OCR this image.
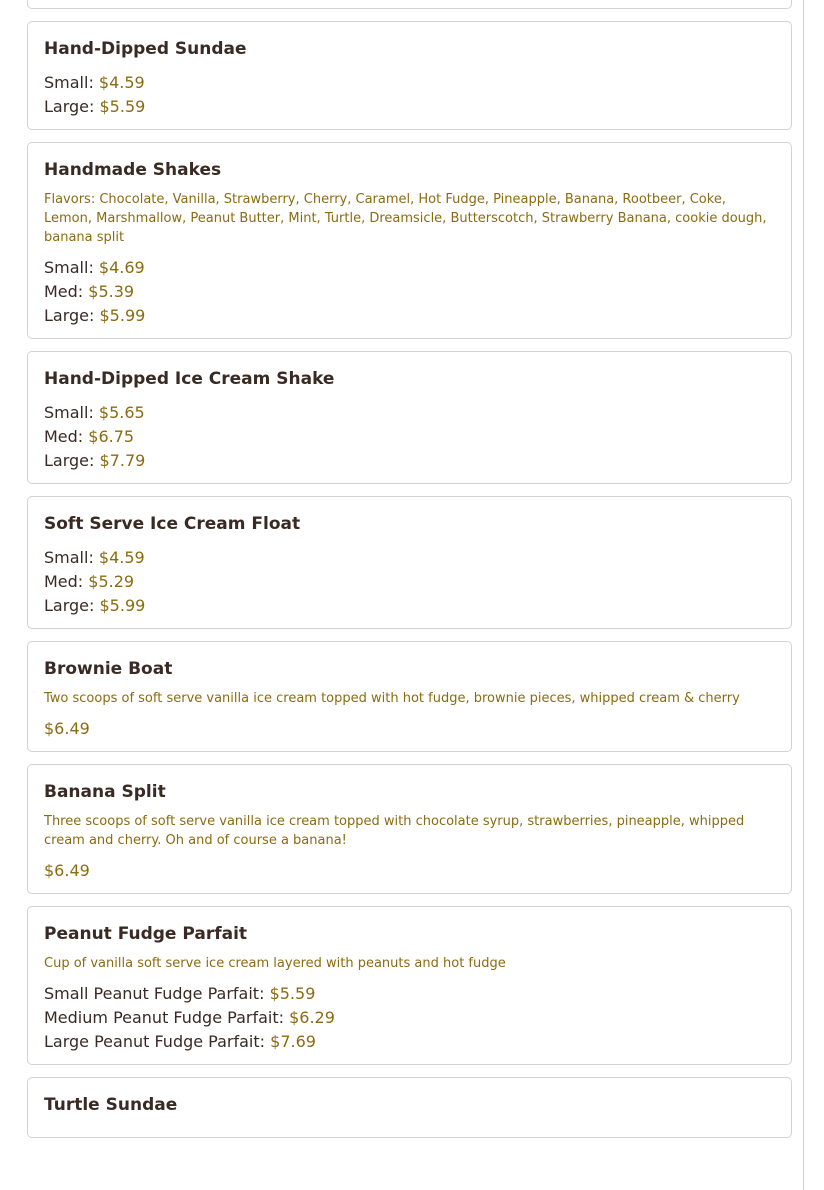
Hand-Dipped Sundae
Small: $4.59
Large: $5.59
Handmade Shakes
Flavors: Chocolate, Vanilla, Strawberry, Cherry, Caramel, Hot Fudge, Pineapple, Banana, Rootbeer, Coke, Lemon, Marshmallow, Peanut Butter, Mint, Turtle, Dreamsicle, Butterscotch, Strawberry Banana, cookie dough, banana split
Small: $4.69
Med: $5.39
Large: $5.99
Hand-Dipped Ice Cream Shake
Small: $5.65
Med: $6.75
Large: $7.79
Soft Serve Ice Cream Float
Small: $4.59
Med: $5.29
Large: $5.99
Brownie Boat
Two scoops of soft serve vanilla ice cream topped with hot fudge, brownie pieces, whipped cream & cherry
$6.49
Banana Split
Three scoops of soft serve vanilla ice cream topped with chocolate syrup, strawberries, pineapple, whipped cream and cherry. Oh and of course a banana!
$6.49
Peanut Fudge Parfait
Cup of vanilla soft serve ice cream layered with peanuts and hot fudge
Small Peanut Fudge Parfait: $5.59
Medium Peanut Fudge Parfait: $6.29
Large Peanut Fudge Parfait: $7.69
Turtle Sundae
